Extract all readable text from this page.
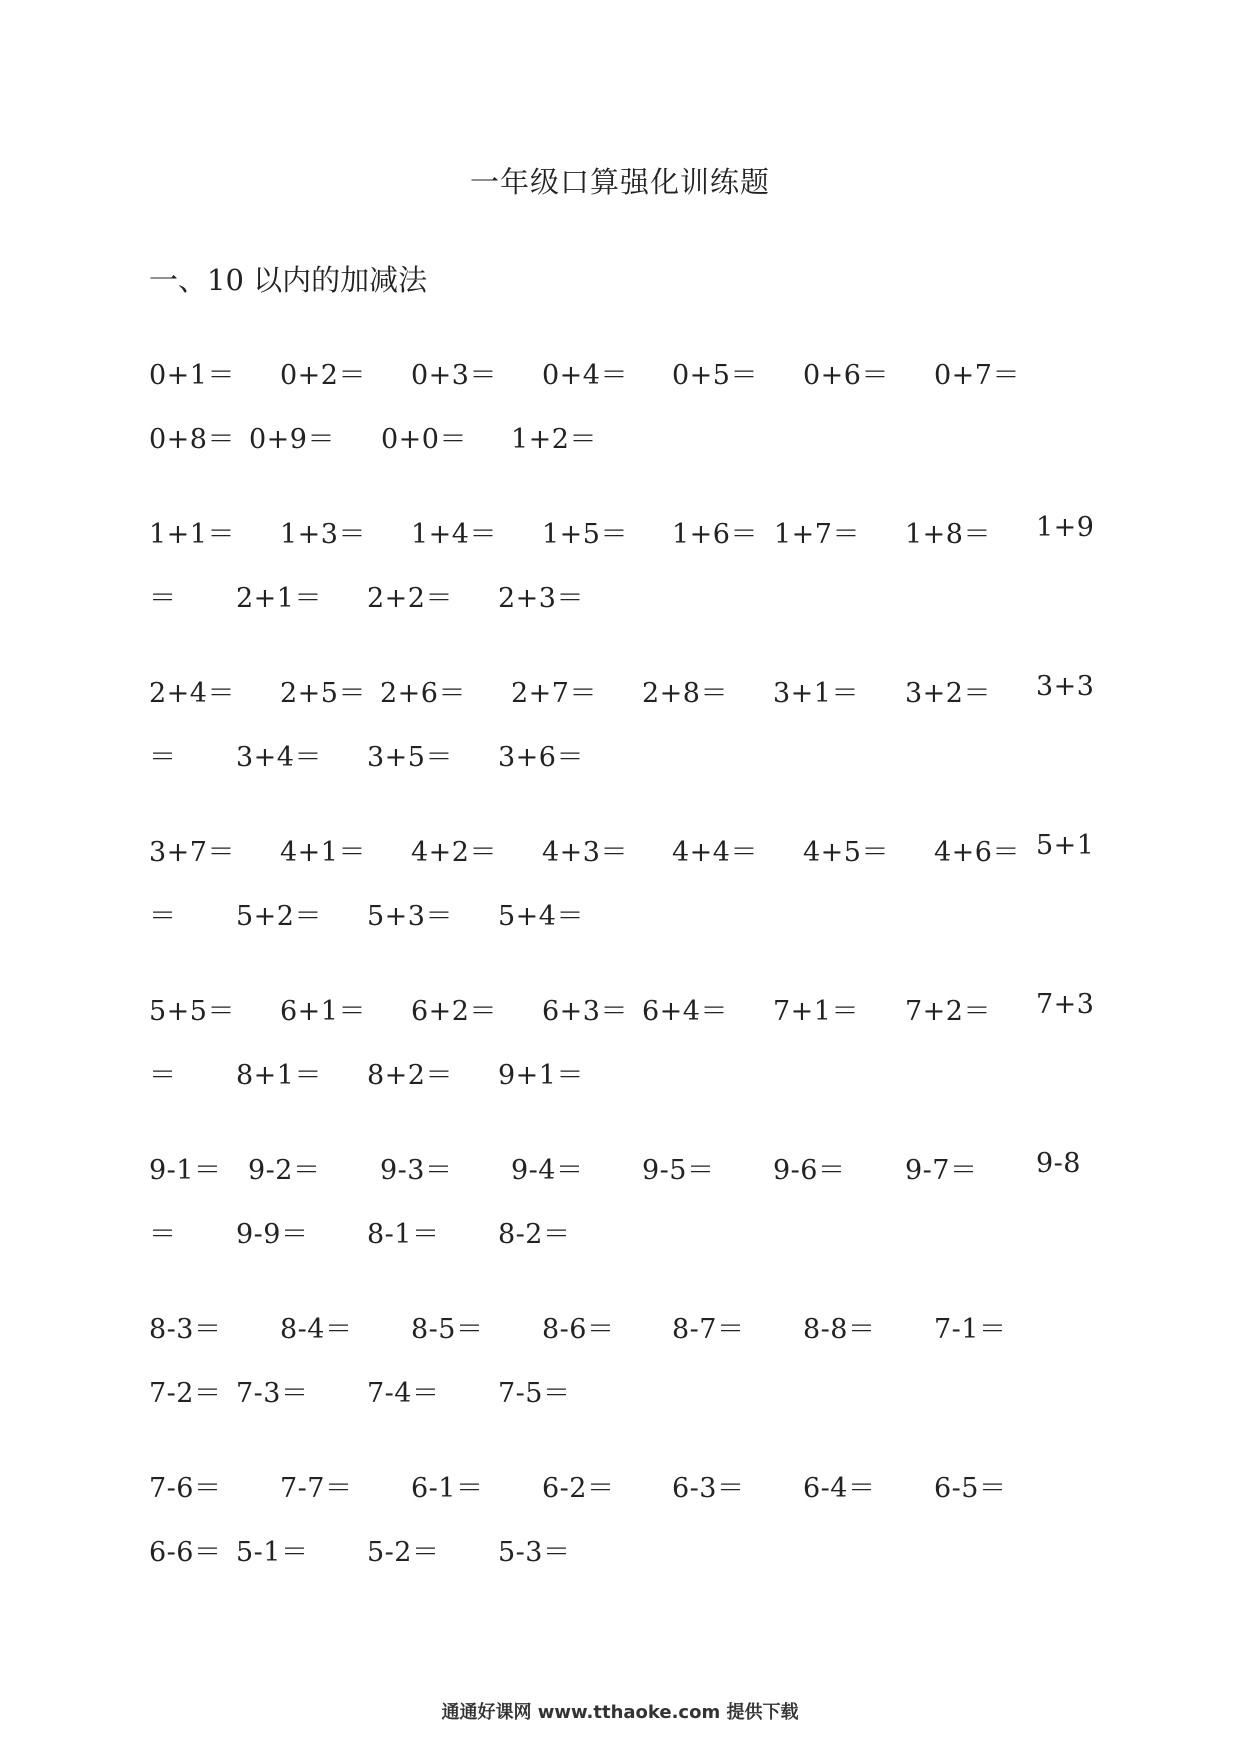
一年级口算强化训练题
一、10 以内的加减法
0+1＝ 0+2＝ 0+3＝ 0+4＝ 0+5＝ 0+6＝ 0+7＝
0+8＝ 0+9＝ 0+0＝ 1+2＝
1+1＝ 1+3＝ 1+4＝ 1+5＝ 1+6＝ 1+7＝ 1+8＝ 1+9
＝ 2+1＝ 2+2＝ 2+3＝
2+4＝ 2+5＝ 2+6＝ 2+7＝ 2+8＝ 3+1＝ 3+2＝ 3+3
＝ 3+4＝ 3+5＝ 3+6＝
3+7＝ 4+1＝ 4+2＝ 4+3＝ 4+4＝ 4+5＝ 4+6＝ 5+1
＝ 5+2＝ 5+3＝ 5+4＝
5+5＝ 6+1＝ 6+2＝ 6+3＝ 6+4＝ 7+1＝ 7+2＝ 7+3
＝ 8+1＝ 8+2＝ 9+1＝
9-1＝ 9-2＝ 9-3＝ 9-4＝ 9-5＝ 9-6＝ 9-7＝ 9-8
＝ 9-9＝ 8-1＝ 8-2＝
8-3＝ 8-4＝ 8-5＝ 8-6＝ 8-7＝ 8-8＝ 7-1＝
7-2＝ 7-3＝ 7-4＝ 7-5＝
7-6＝ 7-7＝ 6-1＝ 6-2＝ 6-3＝ 6-4＝ 6-5＝
6-6＝ 5-1＝ 5-2＝ 5-3＝
通通好课网 www.tthaoke.com 提供下载
